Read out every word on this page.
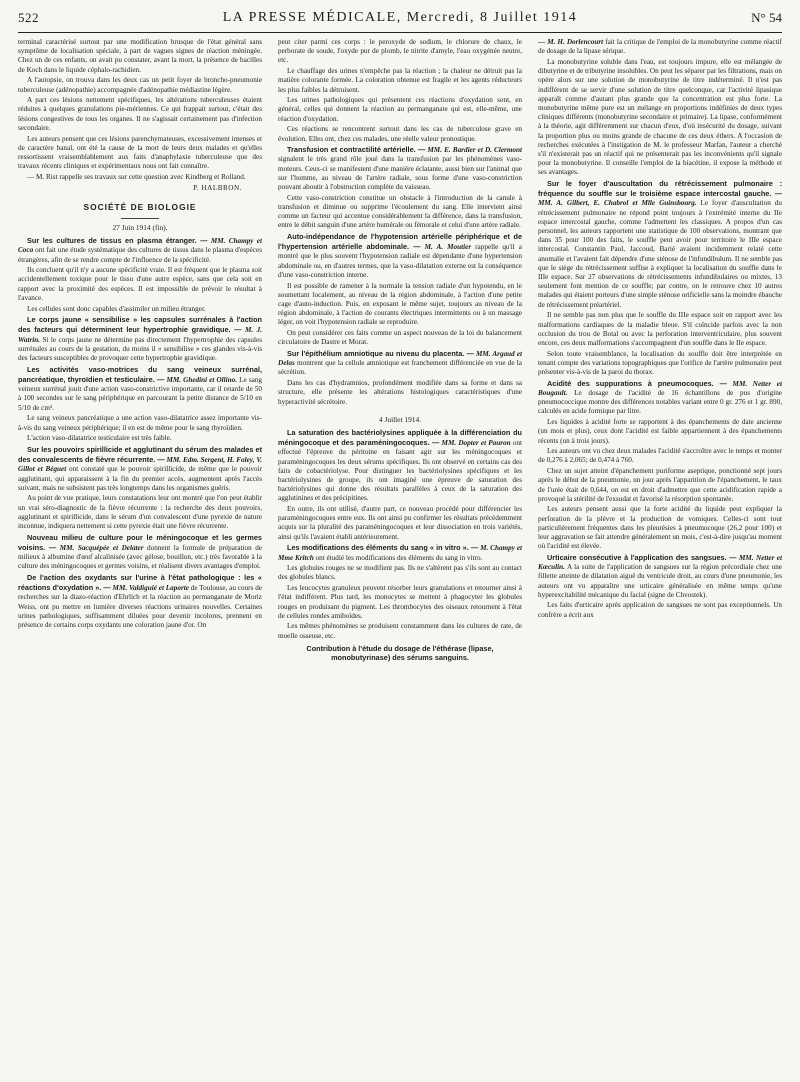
522	LA PRESSE MÉDICALE, Mercredi, 8 Juillet 1914	N° 54

terminal caractérisé surtout par une modification brusque de l'état général sans symptôme de localisation spéciale, à part de vagues signes de réaction méningée. Chez un de ces enfants, on avait pu constater, avant la mort, la présence de bacilles de Koch dans le liquide céphalo-rachidien.

A l'autopsie, on trouva dans les deux cas un petit foyer de broncho-pneumonie tuberculeuse (adénopathie) accompagnée d'adénopathie médiastine légère.

A part ces lésions nettement spécifiques, les altérations tuberculeuses étaient réduites à quelques granulations pie-mériennes. Ce qui frappait surtout, c'était des lésions congestives de tous les organes. Il ne s'agissait certainement pas d'infection secondaire.

Les auteurs pensent que ces lésions parenchymateuses, excessivement intenses et de caractère banal, ont été la cause de la mort de leurs deux malades et qu'elles ressortissent vraisemblablement aux faits d'anaphylaxie tuberculeuse que des travaux récents cliniques et expérimentaux nous ont fait connaître.

— M. Rist rappelle ses travaux sur cette question avec Kindberg et Rolland.

P. HALBRON.
SOCIÉTÉ DE BIOLOGIE
27 Juin 1914 (fin).

Sur les cultures de tissus en plasma étranger. — MM. Champy et Coca ont fait une étude systématique des cultures de tissus dans le plasma d'espèces étrangères, afin de se rendre compte de l'influence de la spécificité.

Ils concluent qu'il n'y a aucune spécificité vraie. Il est fréquent que le plasma soit accidentellement toxique pour le tissu d'une autre espèce, sans que cela soit en rapport avec la proximité des espèces. Il est impossible de prévoir le résultat à l'avance.

Les cellules sont donc capables d'assimiler un milieu étranger.

Le corps jaune « sensibilise » les capsules surrénales à l'action des facteurs qui déterminent leur hypertrophie gravidique. — M. J. Watrin. Si le corps jaune ne détermine pas directement l'hypertrophie des capsules surrénales au cours de la gestation, du moins il « sensibilise » ces glandes vis-à-vis des facteurs susceptibles de provoquer cette hypertrophie gravidique.

Les activités vaso-motrices du sang veineux surrénal, pancréatique, thyroïdien et testiculaire. — MM. Ghedini et Ollino. Le sang veineux surrénal jouit d'une action vaso-constrictive importante, car il retarde de 50 à 100 secondes sur le sang périphérique en parcourant la petite distance de 5/10 en 5/10 de cm³.

Le sang veineux pancréatique a une action vaso-dilatatrice assez importante vis-à-vis du sang veineux périphérique; il en est de même pour le sang thyroïdien.

L'action vaso-dilatatrice testiculaire est très faible.

Sur les pouvoirs spirillicide et agglutinant du sérum des malades et des convalescents de fièvre récurrente. — MM. Edm. Sergent, H. Foley, V. Gillot et Béguet ont constaté que le pouvoir spirillicide, de même que le pouvoir agglutinant, qui apparaissent à la fin du premier accès, augmentent après l'accès suivant, mais ne subsistent pas très longtemps dans les organismes guéris.

Au point de vue pratique, leurs constatations leur ont montré que l'on peut établir un vrai séro-diagnostic de la fièvre récurrente : la recherche des deux pouvoirs, agglutinant et spirillicide, dans le sérum d'un convalescent d'une pyrexie de nature inconnue, indiquera nettement si cette pyrexie était une fièvre récurrente.

Nouveau milieu de culture pour le méningocoque et les germes voisins. — MM. Sacquépée et Delater donnent la formule de préparation de milieux à albumine d'œuf alcalinisée (avec gélose, bouillon, etc.) très favorable à la culture des méningocoques et germes voisins, et réalisent divers avantages d'emploi.

De l'action des oxydants sur l'urine à l'état pathologique : les « réactions d'oxydation ». — MM. Valdiguié et Laporte de Toulouse, au cours de recherches sur la diazo-réaction d'Ehrlich et la réaction au permanganate de Moriz Weiss, ont pu mettre en lumière diverses réactions urinaires nouvelles. Certaines urines pathologiques, suffisamment diluées pour devenir incolores, prennent en présence de certains corps oxydants une coloration jaune d'or. On

peut citer parmi ces corps : le peroxyde de sodium, le chlorure de chaux, le perborate de soude, l'oxyde pur de plomb, le nitrite d'amyle, l'eau oxygénée neutre, etc.

Le chauffage des urines n'empêche pas la réaction ; la chaleur ne détruit pas la matière colorante formée. La coloration obtenue est fragile et les agents réducteurs les plus faibles la détruisent.

Les urines pathologiques qui présentent ces réactions d'oxydation sont, en général, celles qui donnent la réaction au permanganate qui est, elle-même, une réaction d'oxydation.

Ces réactions se rencontrent surtout dans les cas de tuberculose grave en évolution. Elles ont, chez ces malades, une réelle valeur pronostique.

Transfusion et contractilité artérielle. — MM. E. Bardier et D. Clermont signalent le très grand rôle joué dans la transfusion par les phénomènes vaso-moteurs. Ceux-ci se manifestent d'une manière éclatante, aussi bien sur l'animal que sur l'homme, au niveau de l'artère radiale, sous forme d'une vaso-constriction pouvant aboutir à l'obstruction complète du vaisseau.

Cette vaso-constriction constitue un obstacle à l'introduction de la canule à transfusion et diminue ou supprime l'écoulement du sang. Elle intervient ainsi comme un facteur qui accentue considérablement la différence, dans la transfusion, entre le débit sanguin d'une artère humérale ou fémorale et celui d'une artère radiale.

Auto-indépendance de l'hypotension artérielle périphérique et de l'hypertension artérielle abdominale. — M. A. Moutier rappelle qu'il a montré que le plus souvent l'hypotension radiale est dépendante d'une hypertension abdominale ou, en d'autres termes, que la vaso-dilatation externe est la conséquence d'une vaso-constriction interne.

Il est possible de ramener à la normale la tension radiale d'un hypotendu, en le soumettant localement, au niveau de la région abdominale, à l'action d'une petite cage d'auto-induction. Puis, en exposant le même sujet, toujours au niveau de la région abdominale, à l'action de courants électriques intermittents ou à un massage léger, on voit l'hypotension radiale se reproduire.

On peut considérer ces faits comme un aspect nouveau de la loi du balancement circulatoire de Dastre et Morat.

Sur l'épithélium amniotique au niveau du placenta. — MM. Argaud et Delas montrent que la cellule amniotique est franchement différenciée en vue de la sécrétion.

Dans les cas d'hydramnios, profondément modifiée dans sa forme et dans sa structure, elle présente les altérations histologiques caractéristiques d'une hyperactivité sécrétoire.

4 Juillet 1914.

La saturation des bactériolysines appliquée à la différenciation du méningocoque et des paraméningocoques. — MM. Dopter et Pauron ont effectué l'épreuve du péritoine en faisant agir sur les méningocoques et paraméningocoques les deux sérums spécifiques. Ils ont observé en certains cas des faits de cobactériolyse. Pour distinguer les bactériolysines spécifiques et les bactériolysines de groupe, ils ont imaginé une épreuve de saturation des bactériolysines qui donne des résultats parallèles à ceux de la saturation des agglutinines et des précipitines.

En outre, ils ont utilisé, d'autre part, ce nouveau procédé pour différencier les paraméningocoques entre eux. Ils ont ainsi pu confirmer les résultats précédemment acquis sur la pluralité des paraméningocoques et leur dissociation en trois variétés, ainsi qu'ils l'avaient établi antérieurement.

Les modifications des éléments du sang « in vitro ». — M. Champy et Mme Kritch ont étudié les modifications des éléments du sang in vitro.

Les globules rouges ne se modifient pas. Ils ne s'altèrent pas s'ils sont au contact des globules blancs.

Les leucocytes granuleux peuvent résorber leurs granulations et retourner ainsi à l'état indifférent. Plus tard, les monocytes se mettent à phagocyter les globules rouges en produisant du pigment. Les thrombocytes des oiseaux retournent à l'état de cellules rondes amiboïdes.

Les mêmes phénomènes se produisent constamment dans les cultures de rate, de moelle osseuse, etc.

Contribution à l'étude du dosage de l'éthérase (lipase, monobutyrinase) des sérums sanguins.

— M. H. Dorlencourt fait la critique de l'emploi de la monobutyrine comme réactif de dosage de la lipase sérique.

La monobutyrine soluble dans l'eau, est toujours impure, elle est mélangée de dibutyrine et de tributyrine insolubles. On peut les séparer par les filtrations, mais on opère alors sur une solution de monobutyrine de titre indéterminé. Il n'est pas indifférent de se servir d'une solution de titre quelconque, car l'activité lipasique apparaît comme d'autant plus grande que la concentration est plus forte. La monobutyrine même pure est un mélange en proportions indéfinies de deux types cliniques différents (monobutyrine secondaire et primaire). La lipase, conformément à la théorie, agit différemment sur chacun d'eux, d'où insécurité du dosage, suivant la proportion plus ou moins grande de chacune de ces deux éthers. A l'occasion de recherches exécutées à l'instigation de M. le professeur Marfan, l'auteur a cherché s'il n'existerait pas un réactif qui ne présenterait pas les inconvénients qu'il signale pour la monobutyrine. Il conseille l'emploi de la biacétine, il expose la méthode et ses avantages.

Sur le foyer d'auscultation du rétrécissement pulmonaire : fréquence du souffle sur le troisième espace intercostal gauche. — MM. A. Gilbert, E. Chabrol et Mlle Guinsbourg. Le foyer d'auscultation du rétrécissement pulmonaire ne répond point toujours à l'extrémité interne du IIe espace intercostal gauche, comme l'admettent les classiques. A propos d'un cas personnel, les auteurs rapportent une statistique de 100 observations, montrant que dans 35 pour 100 des faits, le souffle peut avoir pour territoire le IIIe espace intercostal. Constantin Paul, Jaccoud, Barié avaient incidemment relaté cette anomalie et l'avaient fait dépendre d'une sténose de l'infundibulum. Il ne semble pas que le siège du rétrécissement suffise à expliquer la localisation du souffle dans le IIIe espace. Sur 27 observations de rétrécissements infundibulaires ou mixtes, 13 seulement font mention de ce souffle; par contre, on le retrouve chez 10 autres malades qui étaient porteurs d'une simple sténose orificielle sans la moindre ébauche de rétrécissement préartériel.

Il ne semble pas non plus que le souffle du IIIe espace soit en rapport avec les malformations cardiaques de la maladie bleue. S'il coïncide parfois avec la non occlusion du trou de Botal ou avec la perforation interventriculaire, plus souvent encore, ces deux malformations s'accompagnent d'un souffle dans le IIe espace.

Selon toute vraisemblance, la localisation du souffle doit être interprétée en tenant compte des variations topographiques que l'orifice de l'artère pulmonaire peut présenter vis-à-vis de la paroi du thorax.

Acidité des suppurations à pneumocoques. — MM. Netter et Bougault. Le dosage de l'acidité de 16 échantillons de pus d'origine pneumococcique montre des différences notables variant entre 0 gr. 276 et 1 gr. 890, calculés en acide formique par litre.

Les liquides à acidité forte se rapportent à des épanchements de date ancienne (un mois et plus), ceux dont l'acidité est faible appartiennent à des épanchements récents (un à trois jours).

Les auteurs ont vu chez deux malades l'acidité s'accroître avec le temps et monter de 0,276 à 2,065; de 0,474 à 760.

Chez un sujet atteint d'épanchement puriforme aseptique, ponctionné sept jours après le début de la pneumonie, un jour après l'apparition de l'épanchement, le taux de l'urée était de 0,644, on est en droit d'admettre que cette acidification rapide a provoqué la stérilité de l'exsudat et favorisé la résorption spontanée.

Les auteurs pensent aussi que la forte acidité du liquide peut expliquer la perforation de la plèvre et la production de vomiques. Celles-ci sont tout particulièrement fréquentes dans les pleurésies à pneumocoque (26,2 pour 100) et leur aggravation se fait attendre généralement un mois, c'est-à-dire jusqu'au moment où l'acidité est élevée.

Urticaire consécutive à l'application des sangsues. — MM. Netter et Kœculin. A la suite de l'application de sangsues sur la région précordiale chez une fillette atteinte de dilatation aiguë du ventricule droit, au cours d'une pneumonie, les auteurs ont vu apparaître une urticaire généralisée en même temps qu'une hyperexcitabilité mécanique du facial (signe de Chvostek).

Les faits d'urticaire après application de sangsues ne sont pas exceptionnels. Un confrère a écrit aux
